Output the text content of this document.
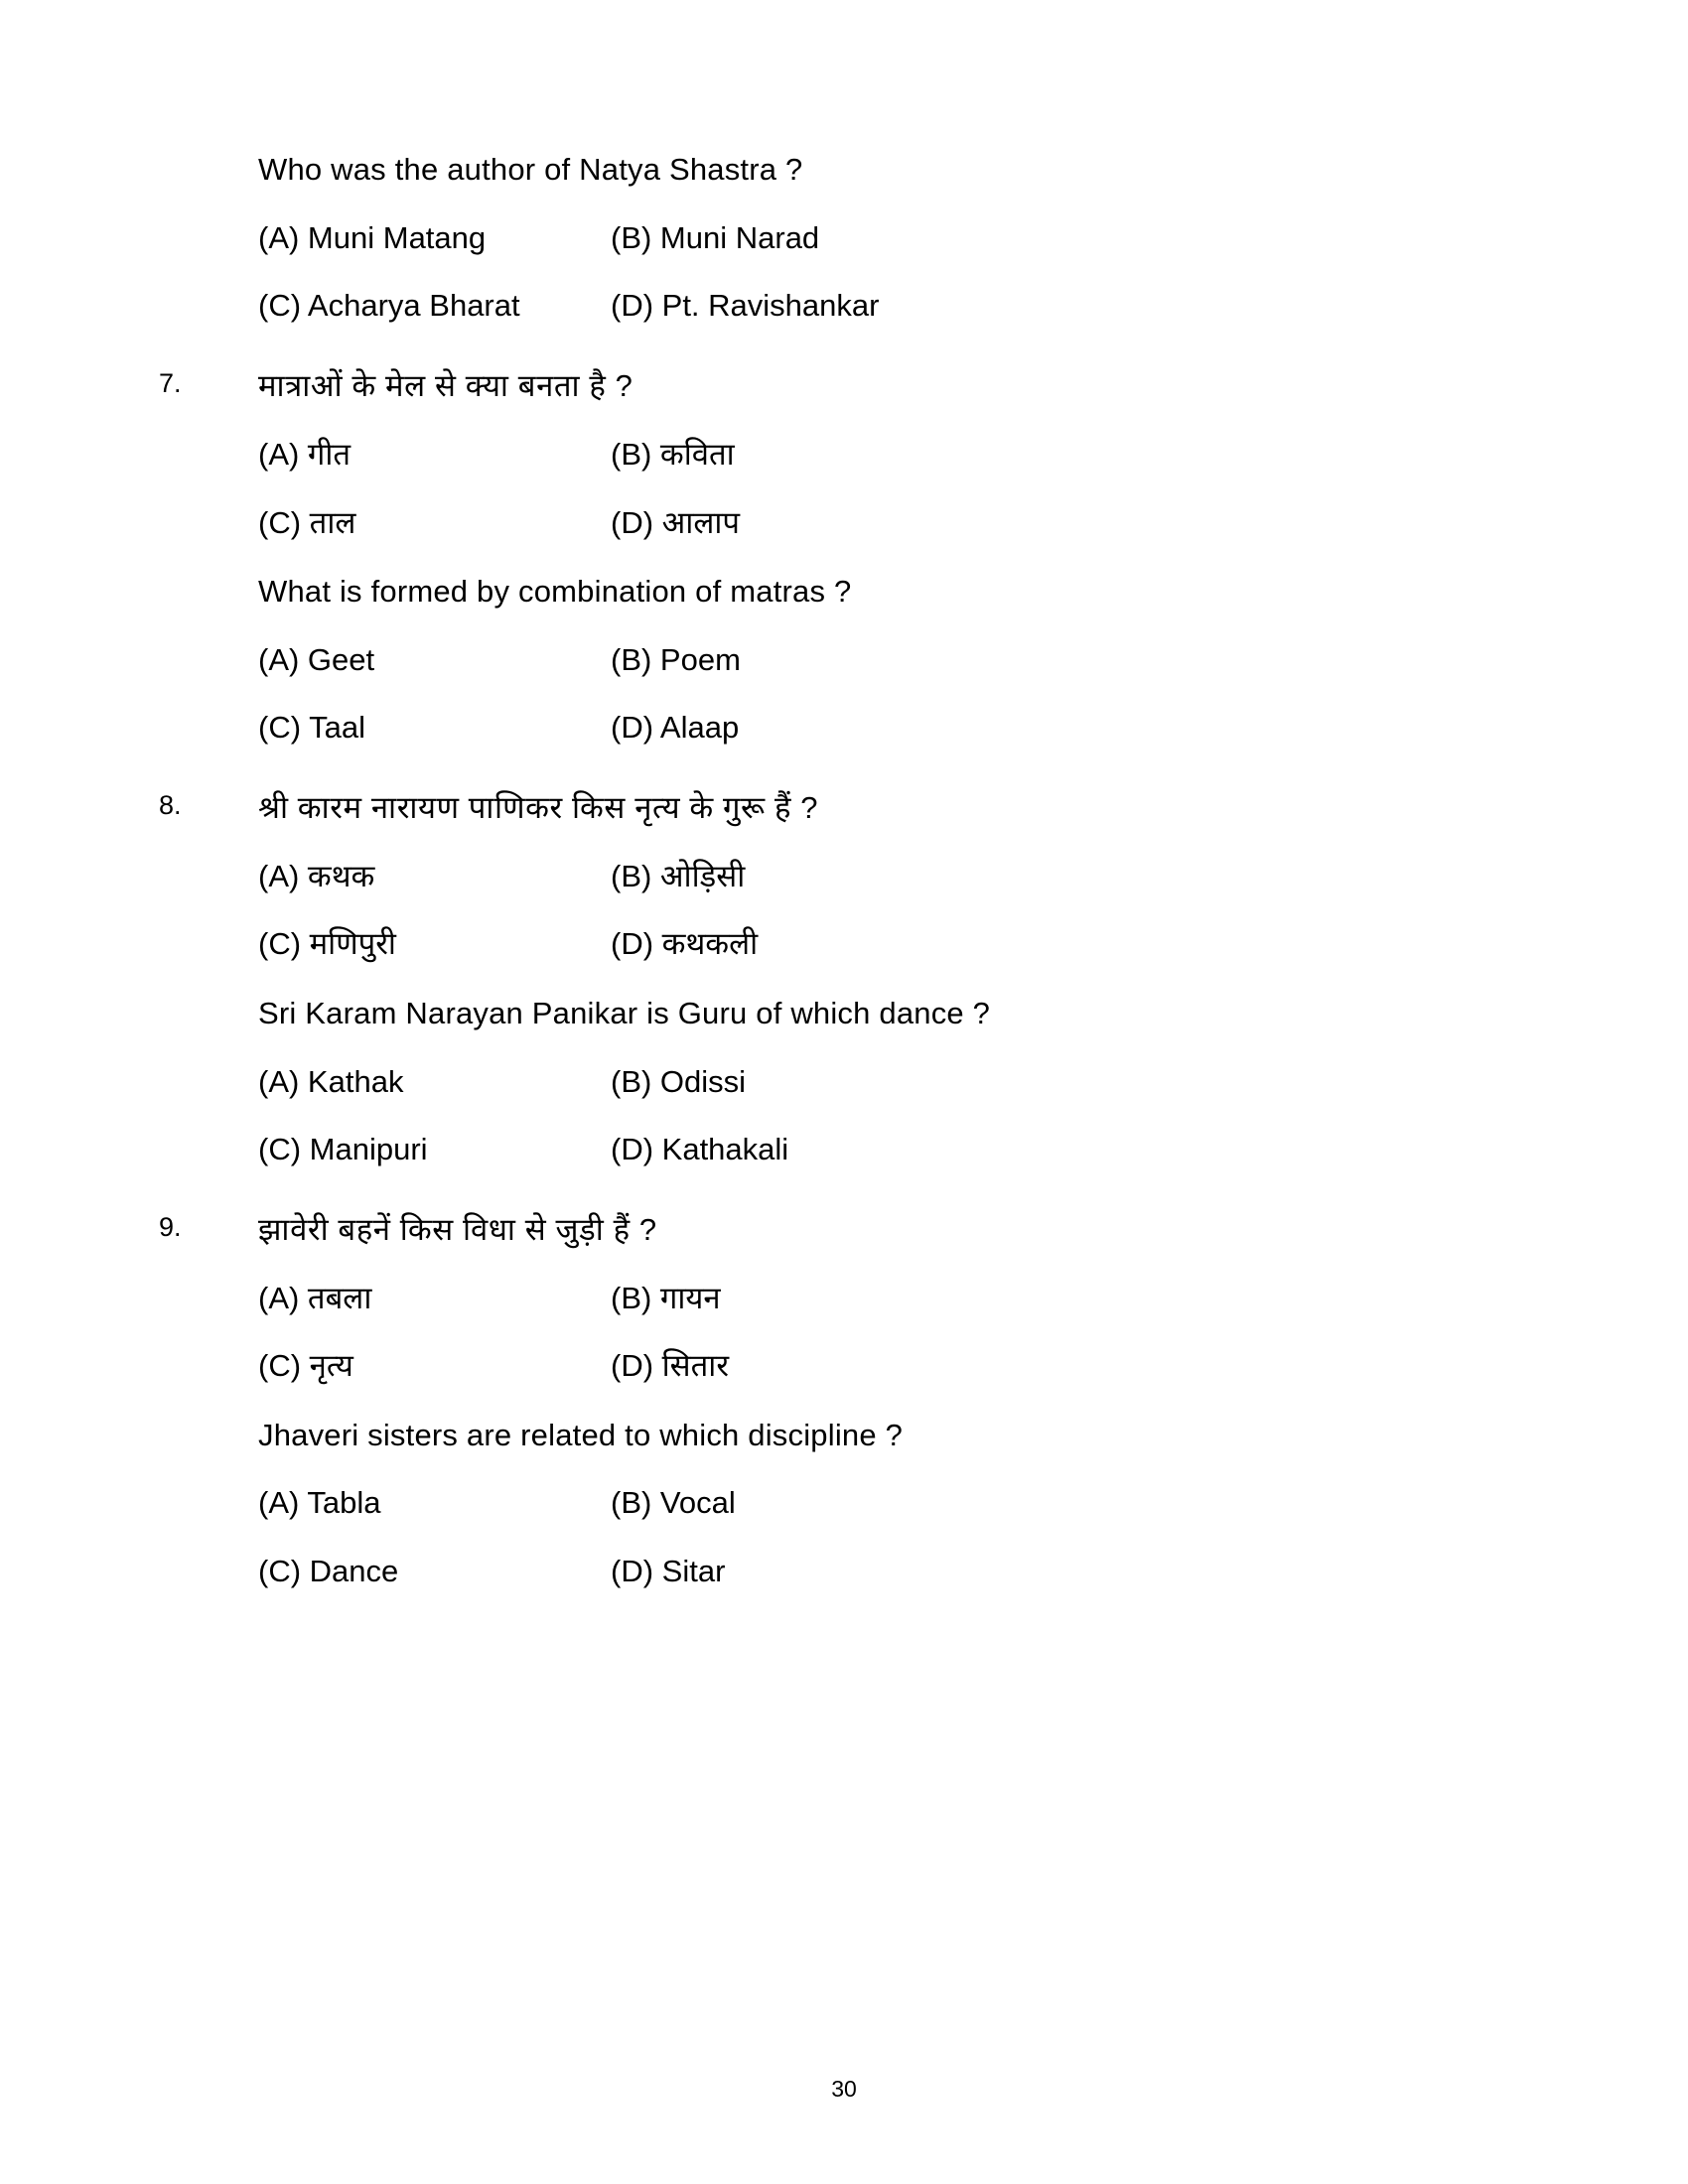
Who was the author of Natya Shastra ?
(A) Muni Matang	(B) Muni Narad
(C) Acharya Bharat	(D) Pt. Ravishankar
7.	मात्राओं के मेल से क्या बनता है ?
(A) गीत	(B) कविता
(C) ताल	(D) आलाप
What is formed by combination of matras ?
(A) Geet	(B) Poem
(C) Taal	(D) Alaap
8.	श्री कारम नारायण पाणिकर किस नृत्य के गुरू हैं ?
(A) कथक	(B) ओड़िसी
(C) मणिपुरी	(D) कथकली
Sri Karam Narayan Panikar is Guru of which dance ?
(A) Kathak	(B) Odissi
(C) Manipuri	(D) Kathakali
9.	झावेरी बहनें किस विधा से जुड़ी हैं ?
(A) तबला	(B) गायन
(C) नृत्य	(D) सितार
Jhaveri sisters are related to which discipline ?
(A) Tabla	(B) Vocal
(C) Dance	(D) Sitar
30
